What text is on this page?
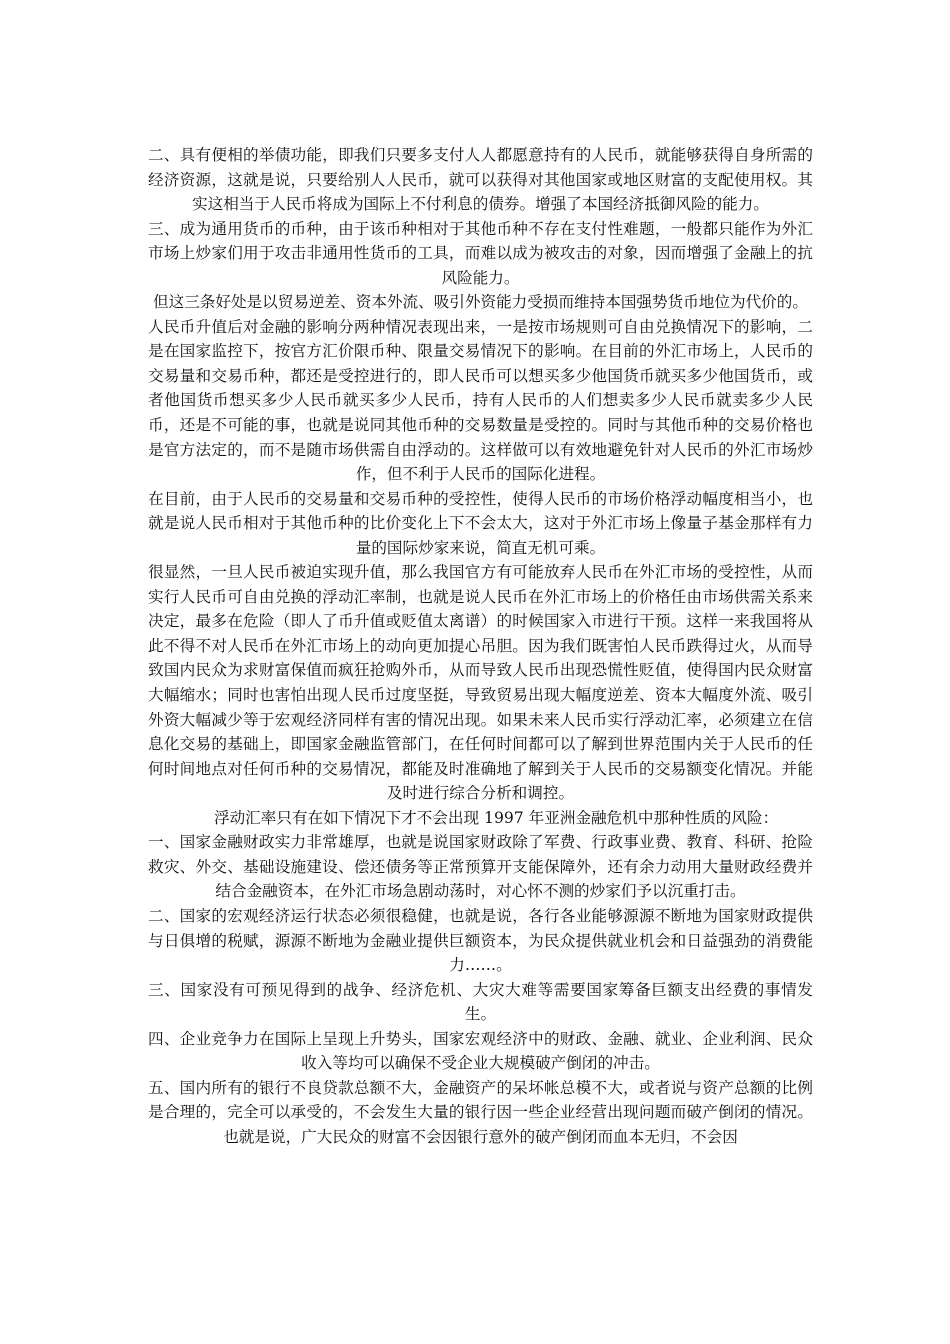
二、具有便相的举债功能，即我们只要多支付人人都愿意持有的人民币，就能够获得自身所需的经济资源，这就是说，只要给别人人民币，就可以获得对其他国家或地区财富的支配使用权。其实这相当于人民币将成为国际上不付利息的债券。增强了本国经济抵御风险的能力。

三、成为通用货币的币种，由于该币种相对于其他币种不存在支付性难题，一般都只能作为外汇市场上炒家们用于攻击非通用性货币的工具，而难以成为被攻击的对象，因而增强了金融上的抗风险能力。

但这三条好处是以贸易逆差、资本外流、吸引外资能力受损而维持本国强势货币地位为代价的。

人民币升值后对金融的影响分两种情况表现出来，一是按市场规则可自由兑换情况下的影响，二是在国家监控下，按官方汇价限币种、限量交易情况下的影响。在目前的外汇市场上，人民币的交易量和交易币种，都还是受控进行的，即人民币可以想买多少他国货币就买多少他国货币，或者他国货币想买多少人民币就买多少人民币，持有人民币的人们想卖多少人民币就卖多少人民币，还是不可能的事，也就是说同其他币种的交易数量是受控的。同时与其他币种的交易价格也是官方法定的，而不是随市场供需自由浮动的。这样做可以有效地避免针对人民币的外汇市场炒作，但不利于人民币的国际化进程。

在目前，由于人民币的交易量和交易币种的受控性，使得人民币的市场价格浮动幅度相当小，也就是说人民币相对于其他币种的比价变化上下不会太大，这对于外汇市场上像量子基金那样有力量的国际炒家来说，简直无机可乘。

很显然，一旦人民币被迫实现升值，那么我国官方有可能放弃人民币在外汇市场的受控性，从而实行人民币可自由兑换的浮动汇率制，也就是说人民币在外汇市场上的价格任由市场供需关系来决定，最多在危险（即人了币升值或贬值太离谱）的时候国家入市进行干预。这样一来我国将从此不得不对人民币在外汇市场上的动向更加提心吊胆。因为我们既害怕人民币跌得过火，从而导致国内民众为求财富保值而疯狂抢购外币，从而导致人民币出现恐慌性贬值，使得国内民众财富大幅缩水；同时也害怕出现人民币过度坚挺，导致贸易出现大幅度逆差、资本大幅度外流、吸引外资大幅减少等于宏观经济同样有害的情况出现。如果未来人民币实行浮动汇率，必须建立在信息化交易的基础上，即国家金融监管部门，在任何时间都可以了解到世界范围内关于人民币的任何时间地点对任何币种的交易情况，都能及时准确地了解到关于人民币的交易额变化情况。并能及时进行综合分析和调控。

浮动汇率只有在如下情况下才不会出现 1997 年亚洲金融危机中那种性质的风险：

一、国家金融财政实力非常雄厚，也就是说国家财政除了军费、行政事业费、教育、科研、抢险救灾、外交、基础设施建设、偿还债务等正常预算开支能保障外，还有余力动用大量财政经费并结合金融资本，在外汇市场急剧动荡时，对心怀不测的炒家们予以沉重打击。

二、国家的宏观经济运行状态必须很稳健，也就是说，各行各业能够源源不断地为国家财政提供与日俱增的税赋，源源不断地为金融业提供巨额资本，为民众提供就业机会和日益强劲的消费能力……。

三、国家没有可预见得到的战争、经济危机、大灾大难等需要国家筹备巨额支出经费的事情发生。

四、企业竞争力在国际上呈现上升势头，国家宏观经济中的财政、金融、就业、企业利润、民众收入等均可以确保不受企业大规模破产倒闭的冲击。

五、国内所有的银行不良贷款总额不大，金融资产的呆坏帐总模不大，或者说与资产总额的比例是合理的，完全可以承受的，不会发生大量的银行因一些企业经营出现问题而破产倒闭的情况。也就是说，广大民众的财富不会因银行意外的破产倒闭而血本无归，不会因
